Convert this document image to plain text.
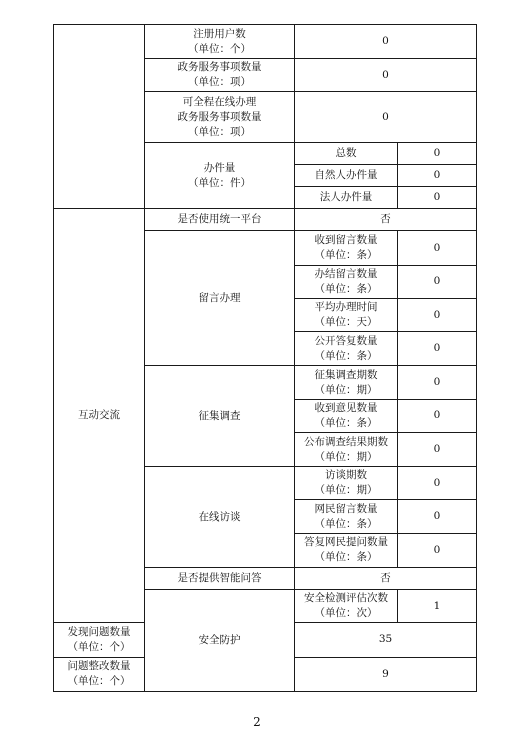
	注册用户数
（单位：个）	0	

	政务服务事项数量
（单位：项）	0	

	可全程在线办理
政务服务事项数量
（单位：项）	0	

	办件量
（单位：件）	总数	0
		自然人办件量	0
		法人办件量	0
互动交流	是否使用统一平台	否	
	留言办理	收到留言数量
（单位：条）	0

		办结留言数量
（单位：条）	0

		平均办理时间
（单位：天）	0

		公开答复数量
（单位：条）	0
	征集调查	征集调查期数
（单位：期）	0

		收到意见数量
（单位：条）	0

		公布调查结果期数
（单位：期）	0
	在线访谈	访谈期数
（单位：期）	0

		网民留言数量
（单位：条）	0

		答复网民提问数量
（单位：条）	0
	是否提供智能问答	否	
	安全防护	安全检测评估次数
（单位：次）	1

发现问题数量
（单位：个）		35	

问题整改数量
（单位：个）		9	
2
